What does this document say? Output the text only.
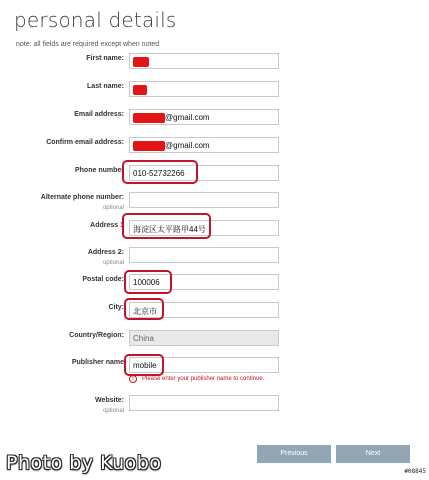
personal details
note: all fields are required except when noted
First name:
Last name:
Email address:	@gmail.com
Confirm email address:	@gmail.com
Phone number	010-52732266
Alternate phone number:
optional
Address 1	海淀区太平路甲44号
Address 2:
optional
Postal code:	100006
City:	北京市
Country/Region:	China
Publisher name	mobile
!	Please enter your publisher name to continue.
Website:
optional
Previous	Next
Photo by Kuobo	#08845
